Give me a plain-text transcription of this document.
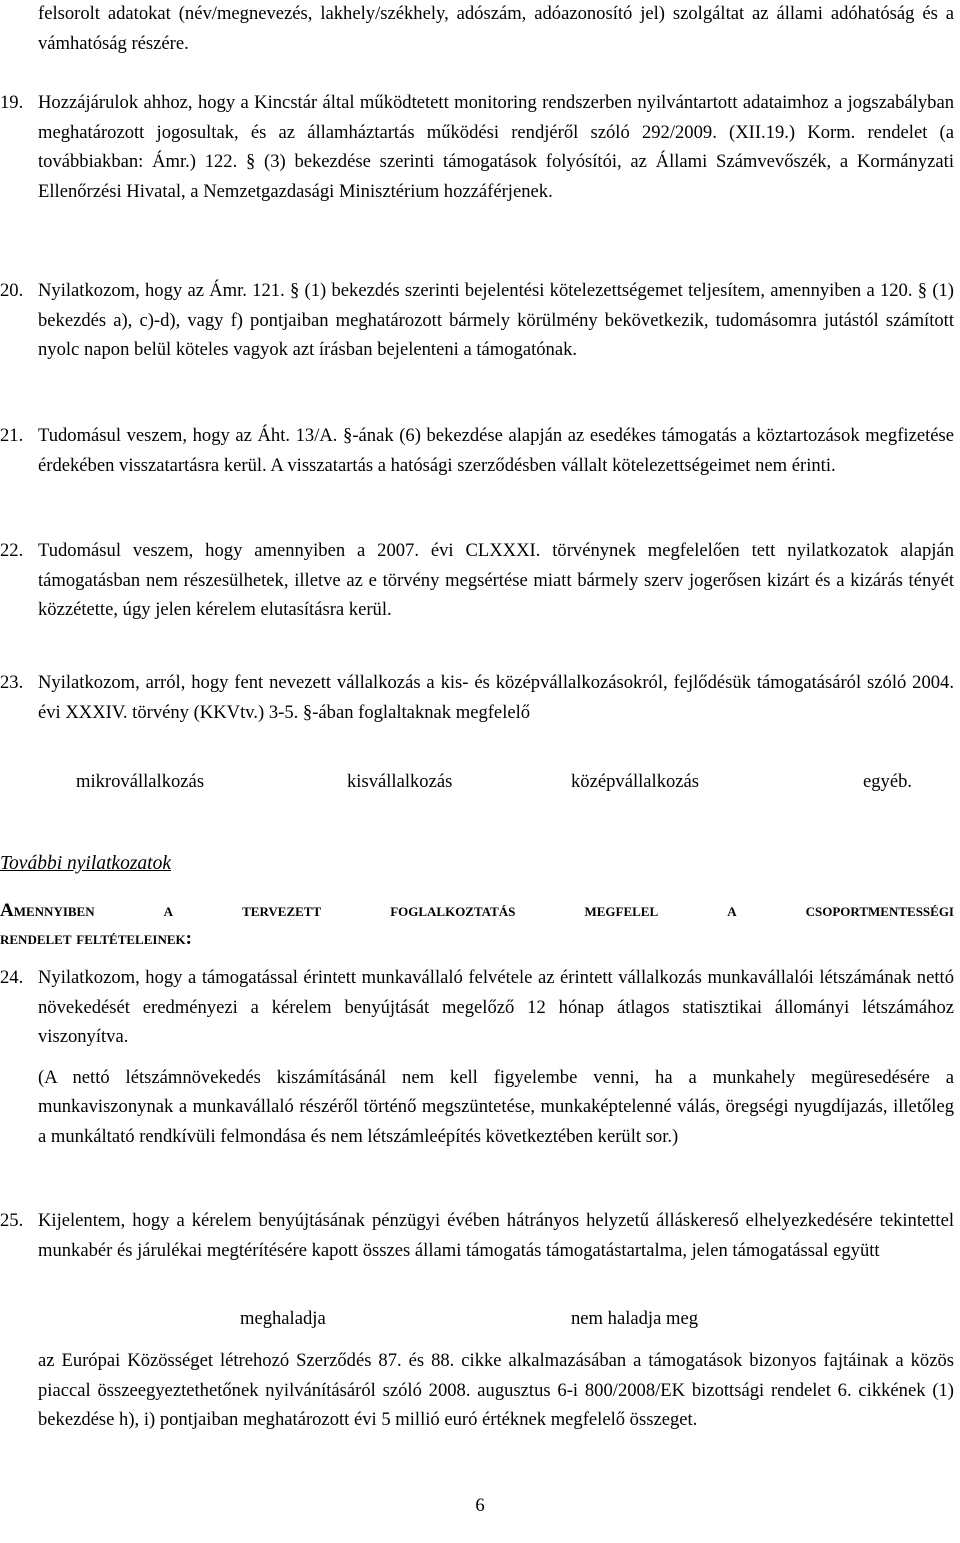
felsorolt adatokat (név/megnevezés, lakhely/székhely, adószám, adóazonosító jel) szolgáltat az állami adóhatóság és a vámhatóság részére.

19. Hozzájárulok ahhoz, hogy a Kincstár által működtetett monitoring rendszerben nyilvántartott adataimhoz a jogszabályban meghatározott jogosultak, és az államháztartás működési rendjéről szóló 292/2009. (XII.19.) Korm. rendelet (a továbbiakban: Ámr.) 122. § (3) bekezdése szerinti támogatások folyósítói, az Állami Számvevőszék, a Kormányzati Ellenőrzési Hivatal, a Nemzetgazdasági Minisztérium hozzáférjenek.

20. Nyilatkozom, hogy az Ámr. 121. § (1) bekezdés szerinti bejelentési kötelezettségemet teljesítem, amennyiben a 120. § (1) bekezdés a), c)-d), vagy f) pontjaiban meghatározott bármely körülmény bekövetkezik, tudomásomra jutástól számított nyolc napon belül köteles vagyok azt írásban bejelenteni a támogatónak.

21. Tudomásul veszem, hogy az Áht. 13/A. §-ának (6) bekezdése alapján az esedékes támogatás a köztartozások megfizetése érdekében visszatartásra kerül. A visszatartás a hatósági szerződésben vállalt kötelezettségeimet nem érinti.

22. Tudomásul veszem, hogy amennyiben a 2007. évi CLXXXI. törvénynek megfelelően tett nyilatkozatok alapján támogatásban nem részesülhetek, illetve az e törvény megsértése miatt bármely szerv jogerősen kizárt és a kizárás tényét közzétette, úgy jelen kérelem elutasításra kerül.

23. Nyilatkozom, arról, hogy fent nevezett vállalkozás a kis- és középvállalkozásokról, fejlődésük támogatásáról szóló 2004. évi XXXIV. törvény (KKVtv.) 3-5. §-ában foglaltaknak megfelelő

mikrovállalkozás	kisvállalkozás	középvállalkozás	egyéb.
További nyilatkozatok
Amennyiben a tervezett foglalkoztatás megfelel a csoportmentességi
rendelet feltételeinek:
24. Nyilatkozom, hogy a támogatással érintett munkavállaló felvétele az érintett vállalkozás munkavállalói létszámának nettó növekedését eredményezi a kérelem benyújtását megelőző 12 hónap átlagos statisztikai állományi létszámához viszonyítva.

(A nettó létszámnövekedés kiszámításánál nem kell figyelembe venni, ha a munkahely megüresedésére a munkaviszonynak a munkavállaló részéről történő megszüntetése, munkaképtelenné válás, öregségi nyugdíjazás, illetőleg a munkáltató rendkívüli felmondása és nem létszámleépítés következtében került sor.)

25. Kijelentem, hogy a kérelem benyújtásának pénzügyi évében hátrányos helyzetű álláskereső elhelyezkedésére tekintettel munkabér és járulékai megtérítésére kapott összes állami támogatás támogatástartalma, jelen támogatással együtt

meghaladja	nem haladja meg

az Európai Közösséget létrehozó Szerződés 87. és 88. cikke alkalmazásában a támogatások bizonyos fajtáinak a közös piaccal összeegyeztethetőnek nyilvánításáról szóló 2008. augusztus 6-i 800/2008/EK bizottsági rendelet 6. cikkének (1) bekezdése h), i) pontjaiban meghatározott évi 5 millió euró értéknek megfelelő összeget.

6
